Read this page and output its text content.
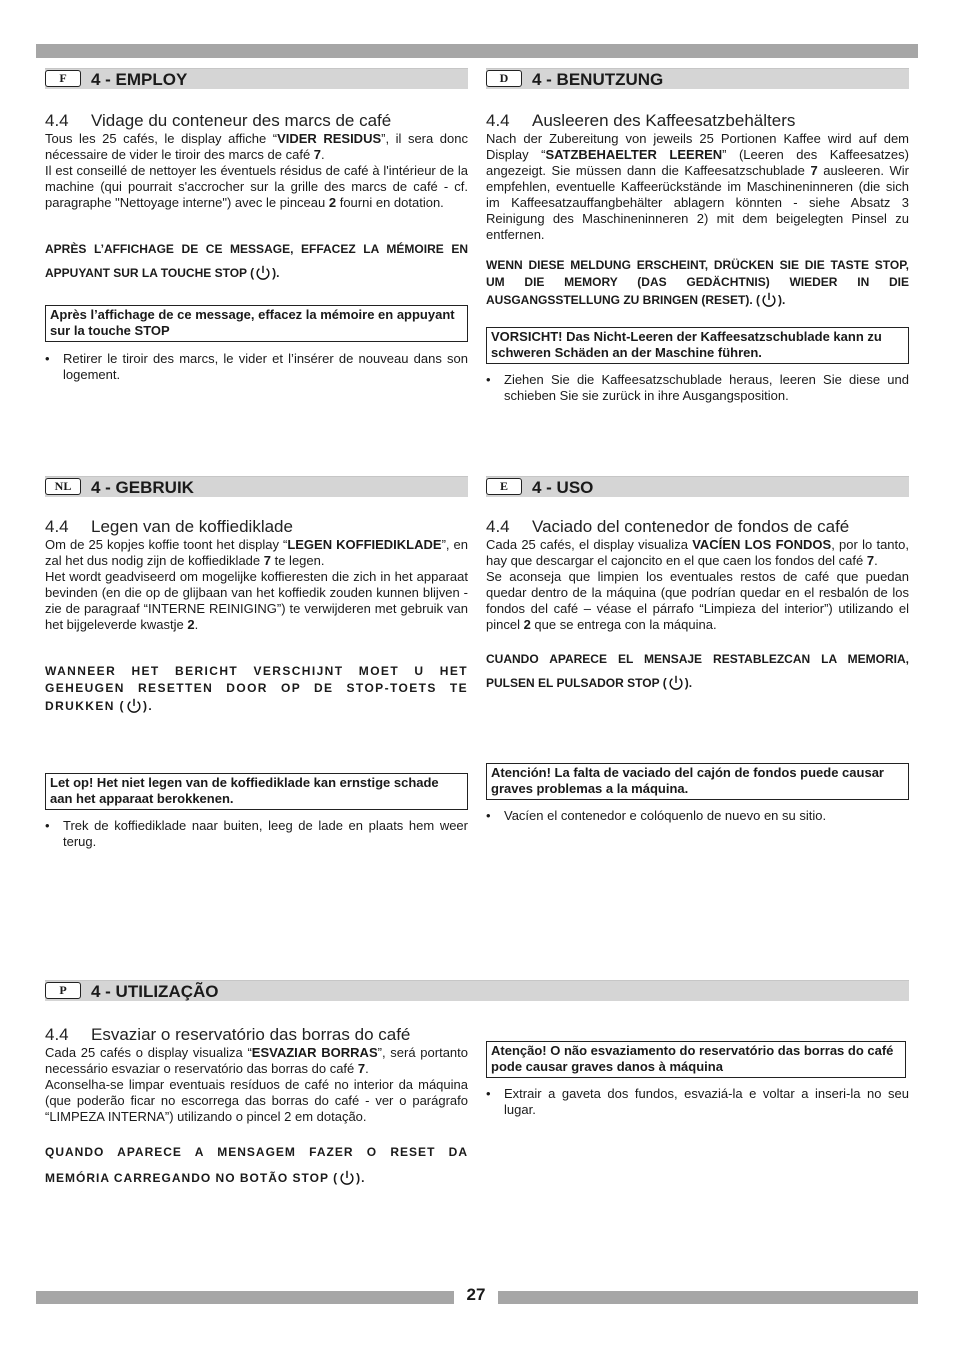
F	4 - EMPLOY
4.4 Vidage du conteneur des marcs de café

Tous les 25 cafés, le display affiche “VIDER RESIDUS”, il sera donc nécessaire de vider le tiroir des marcs de café 7.

Il est conseillé de nettoyer les éventuels résidus de café à l'intérieur de la machine (qui pourrait s'accrocher sur la grille des marcs de café - cf. paragraphe "Nettoyage interne") avec le pinceau 2 fourni en dotation.

APRÈS L’AFFICHAGE DE CE MESSAGE, EFFACEZ LA MÉMOIRE EN APPUYANT SUR LA TOUCHE STOP ( ).

Après l’affichage de ce message, effacez la mémoire en appuyant sur la touche STOP
• Retirer le tiroir des marcs, le vider et l’insérer de nouveau dans son logement.
D	4 - BENUTZUNG
4.4 Ausleeren des Kaffeesatzbehälters

Nach der Zubereitung von jeweils 25 Portionen Kaffee wird auf dem Display “SATZBEHAELTER LEEREN” (Leeren des Kaffeesatzes) angezeigt. Sie müssen dann die Kaffeesatzschublade 7 ausleeren. Wir empfehlen, eventuelle Kaffeerückstände im Maschineninneren (die sich im Kaffeesatzauffangbehälter ablagern könnten - siehe Absatz 3 Reinigung des Maschineninneren 2) mit dem beigelegten Pinsel zu entfernen.

WENN DIESE MELDUNG ERSCHEINT, DRÜCKEN SIE DIE TASTE STOP, UM DIE MEMORY (DAS GEDÄCHTNIS) WIEDER IN DIE AUSGANGSSTELLUNG ZU BRINGEN (RESET). ( ).

VORSICHT! Das Nicht-Leeren der Kaffeesatzschublade kann zu schweren Schäden an der Maschine führen.
• Ziehen Sie die Kaffeesatzschublade heraus, leeren Sie diese und schieben Sie sie zurück in ihre Ausgangsposition.
NL	4 - GEBRUIK
4.4 Legen van de koffiediklade

Om de 25 kopjes koffie toont het display “LEGEN KOFFIEDIKLADE”, en zal het dus nodig zijn de koffiediklade 7 te legen.

Het wordt geadviseerd om mogelijke koffieresten die zich in het apparaat bevinden (en die op de glijbaan van het koffiedik zouden kunnen blijven - zie de paragraaf “INTERNE REINIGING”) te verwijderen met gebruik van het bijgeleverde kwastje 2.

WANNEER HET BERICHT VERSCHIJNT MOET U HET GEHEUGEN RESETTEN DOOR OP DE STOP-TOETS TE DRUKKEN ( ).

Let op! Het niet legen van de koffiediklade kan ernstige schade aan het apparaat berokkenen.
• Trek de koffiediklade naar buiten, leeg de lade en plaats hem weer terug.
E	4 - USO
4.4 Vaciado del contenedor de fondos de café

Cada 25 cafés, el display visualiza VACÍEN LOS FONDOS, por lo tanto, hay que descargar el cajoncito en el que caen los fondos del café 7.

Se aconseja que limpien los eventuales restos de café que puedan quedar dentro de la máquina (que podrían quedar en el resbalón de los fondos del café – véase el párrafo “Limpieza del interior”) utilizando el pincel 2 que se entrega con la máquina.

CUANDO APARECE EL MENSAJE RESTABLEZCAN LA MEMORIA, PULSEN EL PULSADOR STOP ( ).

Atención! La falta de vaciado del cajón de fondos puede causar graves problemas a la máquina.
• Vacíen el contenedor e colóquenlo de nuevo en su sitio.
P	4 - UTILIZAÇÃO
4.4 Esvaziar o reservatório das borras do café

Cada 25 cafés o display visualiza “ESVAZIAR BORRAS”, será portanto necessário esvaziar o reservatório das borras do café 7.

Aconselha-se limpar eventuais resíduos de café no interior da máquina (que poderão ficar no escorrega das borras do café - ver o parágrafo “LIMPEZA INTERNA”) utilizando o pincel 2 em dotação.

QUANDO APARECE A MENSAGEM FAZER O RESET DA MEMÓRIA CARREGANDO NO BOTÃO STOP ( ).

Atenção! O não esvaziamento do reservatório das borras do café pode causar graves danos à máquina
• Extrair a gaveta dos fundos, esvaziá-la e voltar a inseri-la no seu lugar.
27
